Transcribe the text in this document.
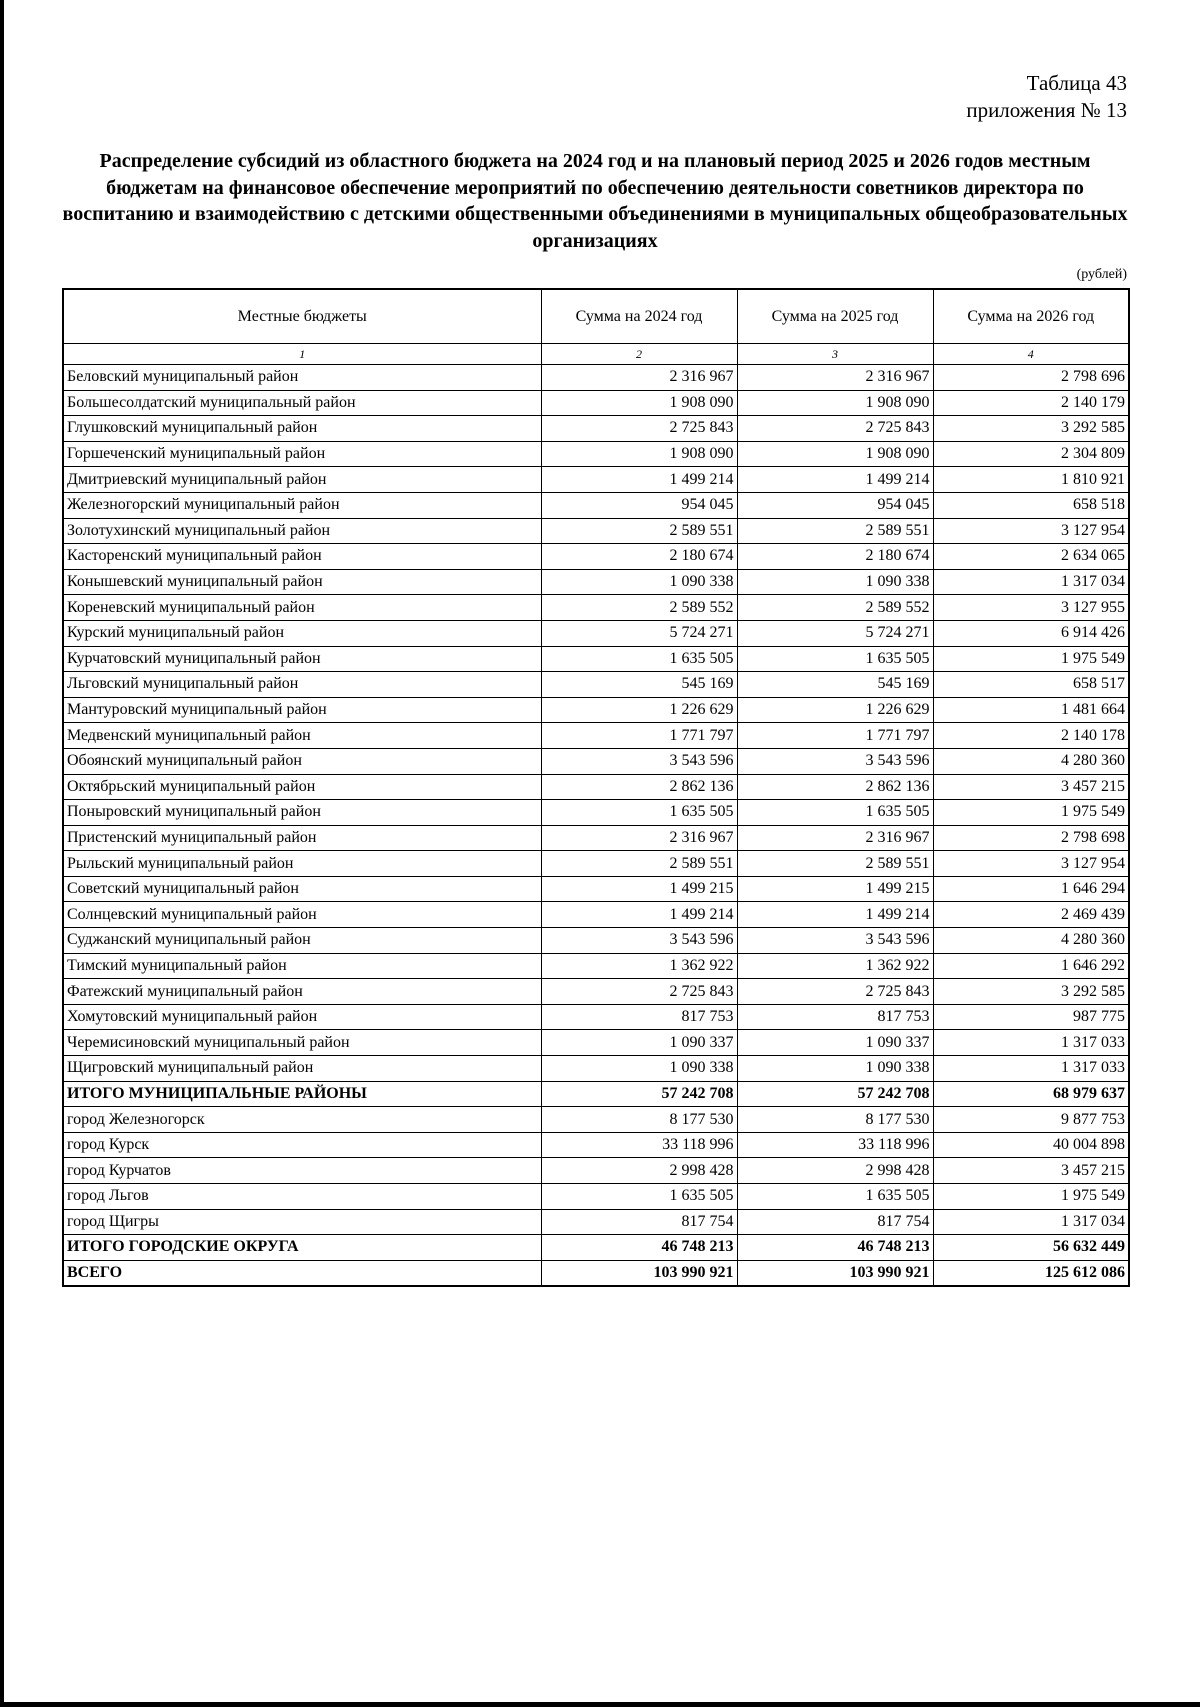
Таблица 43
приложения № 13
Распределение субсидий из областного бюджета на 2024 год и на плановый период 2025 и 2026 годов местным бюджетам на финансовое обеспечение мероприятий по обеспечению деятельности советников директора по воспитанию и взаимодействию с детскими общественными объединениями в муниципальных общеобразовательных организациях
(рублей)
Местные бюджеты	Сумма на 2024 год	Сумма на 2025 год	Сумма на 2026 год
1	2	3	4
Беловский муниципальный район	2 316 967	2 316 967	2 798 696
Большесолдатский муниципальный район	1 908 090	1 908 090	2 140 179
Глушковский муниципальный район	2 725 843	2 725 843	3 292 585
Горшеченский муниципальный район	1 908 090	1 908 090	2 304 809
Дмитриевский муниципальный район	1 499 214	1 499 214	1 810 921
Железногорский муниципальный район	954 045	954 045	658 518
Золотухинский муниципальный район	2 589 551	2 589 551	3 127 954
Касторенский муниципальный район	2 180 674	2 180 674	2 634 065
Конышевский муниципальный район	1 090 338	1 090 338	1 317 034
Кореневский муниципальный район	2 589 552	2 589 552	3 127 955
Курский муниципальный район	5 724 271	5 724 271	6 914 426
Курчатовский муниципальный район	1 635 505	1 635 505	1 975 549
Льговский муниципальный район	545 169	545 169	658 517
Мантуровский муниципальный район	1 226 629	1 226 629	1 481 664
Медвенский муниципальный район	1 771 797	1 771 797	2 140 178
Обоянский муниципальный район	3 543 596	3 543 596	4 280 360
Октябрьский муниципальный район	2 862 136	2 862 136	3 457 215
Поныровский муниципальный район	1 635 505	1 635 505	1 975 549
Пристенский муниципальный район	2 316 967	2 316 967	2 798 698
Рыльский муниципальный район	2 589 551	2 589 551	3 127 954
Советский муниципальный район	1 499 215	1 499 215	1 646 294
Солнцевский муниципальный район	1 499 214	1 499 214	2 469 439
Суджанский муниципальный район	3 543 596	3 543 596	4 280 360
Тимский муниципальный район	1 362 922	1 362 922	1 646 292
Фатежский муниципальный район	2 725 843	2 725 843	3 292 585
Хомутовский муниципальный район	817 753	817 753	987 775
Черемисиновский муниципальный район	1 090 337	1 090 337	1 317 033
Щигровский муниципальный район	1 090 338	1 090 338	1 317 033
ИТОГО МУНИЦИПАЛЬНЫЕ РАЙОНЫ	57 242 708	57 242 708	68 979 637
город Железногорск	8 177 530	8 177 530	9 877 753
город Курск	33 118 996	33 118 996	40 004 898
город Курчатов	2 998 428	2 998 428	3 457 215
город Льгов	1 635 505	1 635 505	1 975 549
город Щигры	817 754	817 754	1 317 034
ИТОГО ГОРОДСКИЕ ОКРУГА	46 748 213	46 748 213	56 632 449
ВСЕГО	103 990 921	103 990 921	125 612 086
